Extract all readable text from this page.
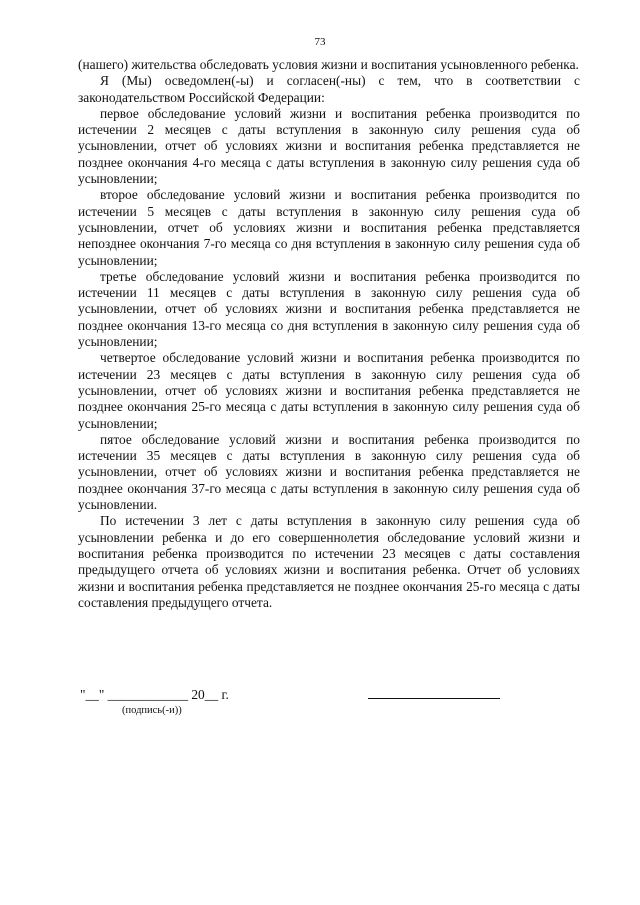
73

(нашего) жительства обследовать условия жизни и воспитания усыновленного ребенка.

Я (Мы) осведомлен(-ы) и согласен(-ны) с тем, что в соответствии с законодательством Российской Федерации:

первое обследование условий жизни и воспитания ребенка производится по истечении 2 месяцев с даты вступления в законную силу решения суда об усыновлении, отчет об условиях жизни и воспитания ребенка представляется не позднее окончания 4-го месяца с даты вступления в законную силу решения суда об усыновлении;

второе обследование условий жизни и воспитания ребенка производится по истечении 5 месяцев с даты вступления в законную силу решения суда об усыновлении, отчет об условиях жизни и воспитания ребенка представляется непозднее окончания 7-го месяца со дня вступления в законную силу решения суда об усыновлении;

третье обследование условий жизни и воспитания ребенка производится по истечении 11 месяцев с даты вступления в законную силу решения суда об усыновлении, отчет об условиях жизни и воспитания ребенка представляется не позднее окончания 13-го месяца со дня вступления в законную силу решения суда об усыновлении;

четвертое обследование условий жизни и воспитания ребенка производится по истечении 23 месяцев с даты вступления в законную силу решения суда об усыновлении, отчет об условиях жизни и воспитания ребенка представляется не позднее окончания 25-го месяца с даты вступления в законную силу решения суда об усыновлении;

пятое обследование условий жизни и воспитания ребенка производится по истечении 35 месяцев с даты вступления в законную силу решения суда об усыновлении, отчет об условиях жизни и воспитания ребенка представляется не позднее окончания 37-го месяца с даты вступления в законную силу решения суда об усыновлении.

По истечении 3 лет с даты вступления в законную силу решения суда об усыновлении ребенка и до его совершеннолетия обследование условий жизни и воспитания ребенка производится по истечении 23 месяцев с даты составления предыдущего отчета об условиях жизни и воспитания ребенка. Отчет об условиях жизни и воспитания ребенка представляется не позднее окончания 25-го месяца с даты составления предыдущего отчета.

"__" ____________ 20__ г.
(подпись(-и))
